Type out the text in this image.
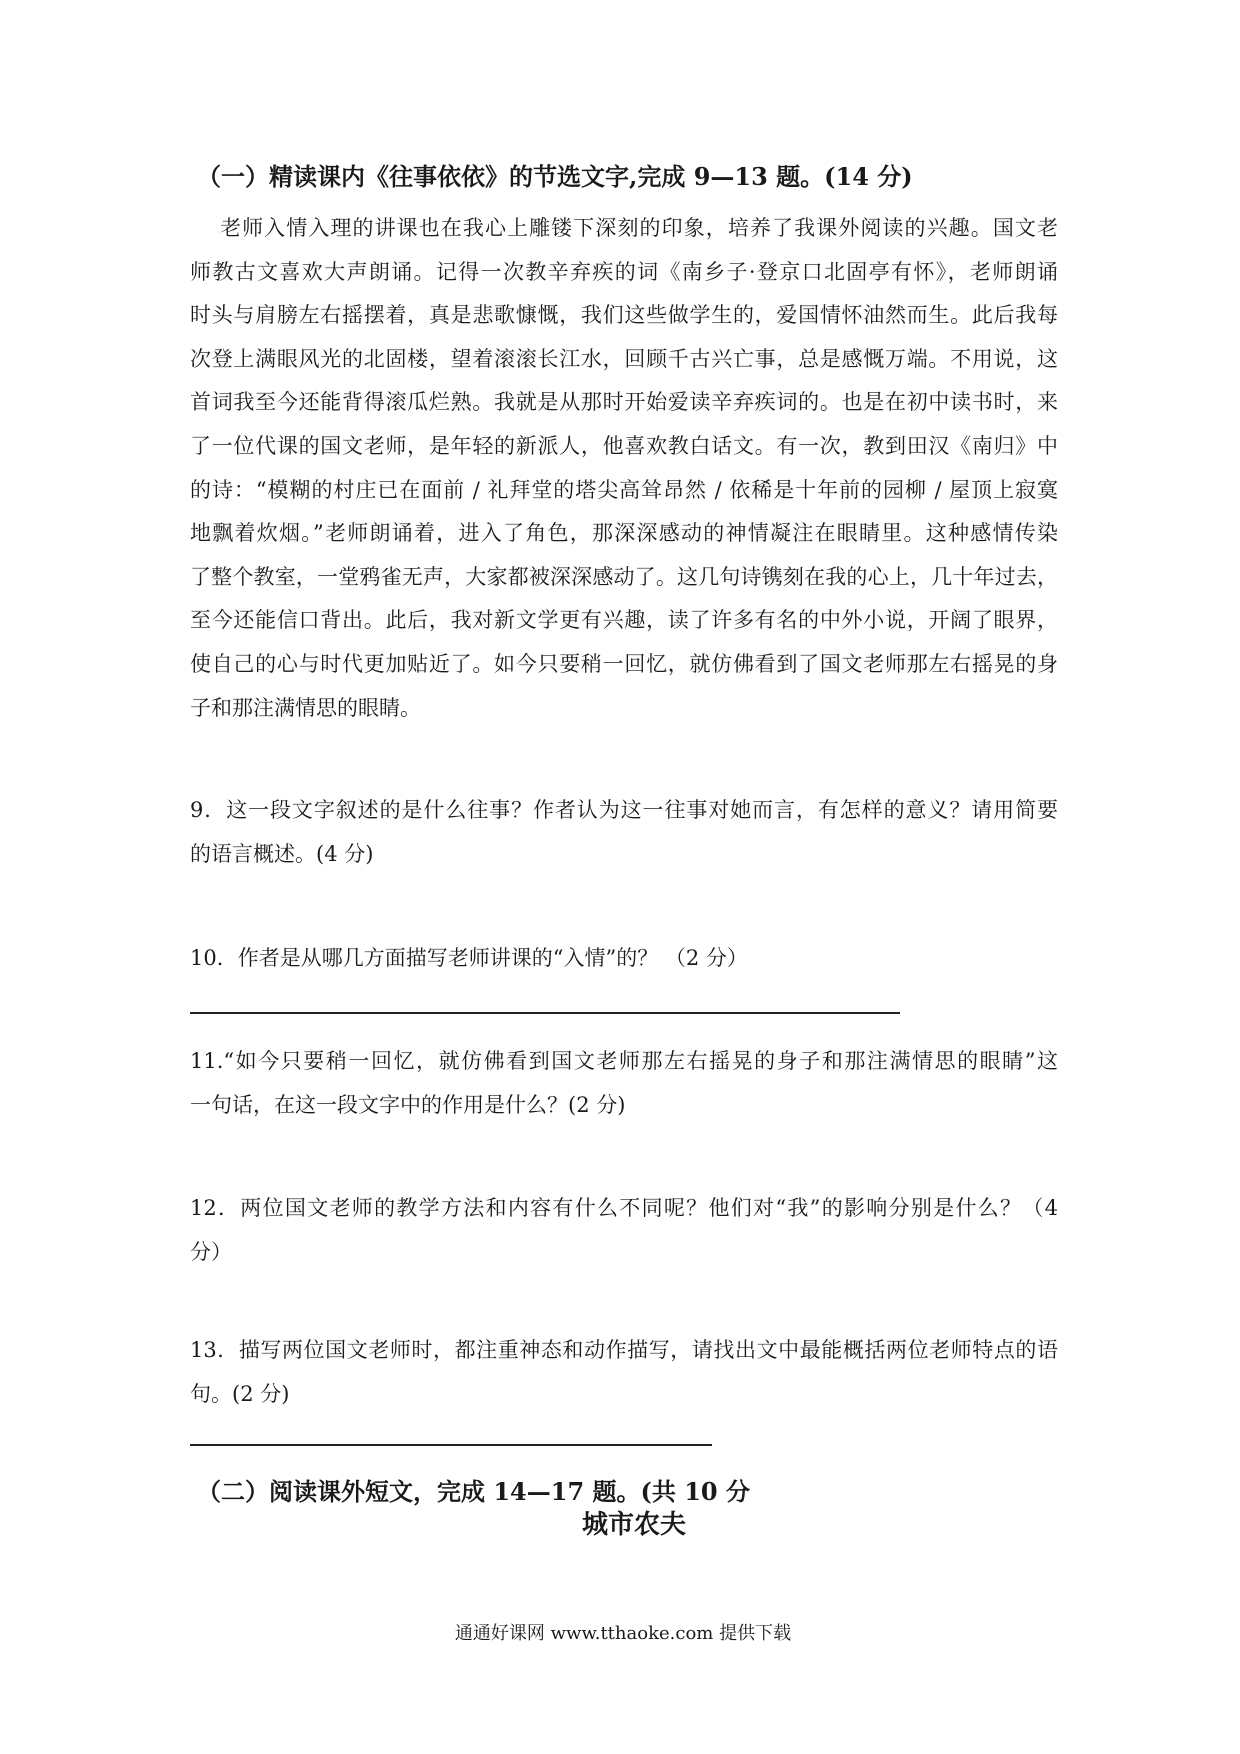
（一）精读课内《往事依依》的节选文字,完成 9—13 题。(14 分)
老师入情入理的讲课也在我心上雕镂下深刻的印象，培养了我课外阅读的兴趣。国文老
师教古文喜欢大声朗诵。记得一次教辛弃疾的词《南乡子·登京口北固亭有怀》，老师朗诵
时头与肩膀左右摇摆着，真是悲歌慷慨，我们这些做学生的，爱国情怀油然而生。此后我每
次登上满眼风光的北固楼，望着滚滚长江水，回顾千古兴亡事，总是感慨万端。不用说，这
首词我至今还能背得滚瓜烂熟。我就是从那时开始爱读辛弃疾词的。也是在初中读书时，来
了一位代课的国文老师，是年轻的新派人，他喜欢教白话文。有一次，教到田汉《南归》中
的诗：“模糊的村庄已在面前 / 礼拜堂的塔尖高耸昂然 / 依稀是十年前的园柳 / 屋顶上寂寞
地飘着炊烟。”老师朗诵着，进入了角色，那深深感动的神情凝注在眼睛里。这种感情传染
了整个教室，一堂鸦雀无声，大家都被深深感动了。这几句诗镌刻在我的心上，几十年过去，
至今还能信口背出。此后，我对新文学更有兴趣，读了许多有名的中外小说，开阔了眼界，
使自己的心与时代更加贴近了。如今只要稍一回忆，就仿佛看到了国文老师那左右摇晃的身
子和那注满情思的眼睛。
9．这一段文字叙述的是什么往事？作者认为这一往事对她而言，有怎样的意义？请用简要
的语言概述。(4 分)
10．作者是从哪几方面描写老师讲课的“入情”的？ （2 分）
11.“如今只要稍一回忆，就仿佛看到国文老师那左右摇晃的身子和那注满情思的眼睛”这
一句话，在这一段文字中的作用是什么？(2 分)
12．两位国文老师的教学方法和内容有什么不同呢？他们对“我”的影响分别是什么？（4
分）
13．描写两位国文老师时，都注重神态和动作描写，请找出文中最能概括两位老师特点的语
句。(2 分)
（二）阅读课外短文，完成 14—17 题。(共 10 分
城市农夫
通通好课网 www.tthaoke.com 提供下载
